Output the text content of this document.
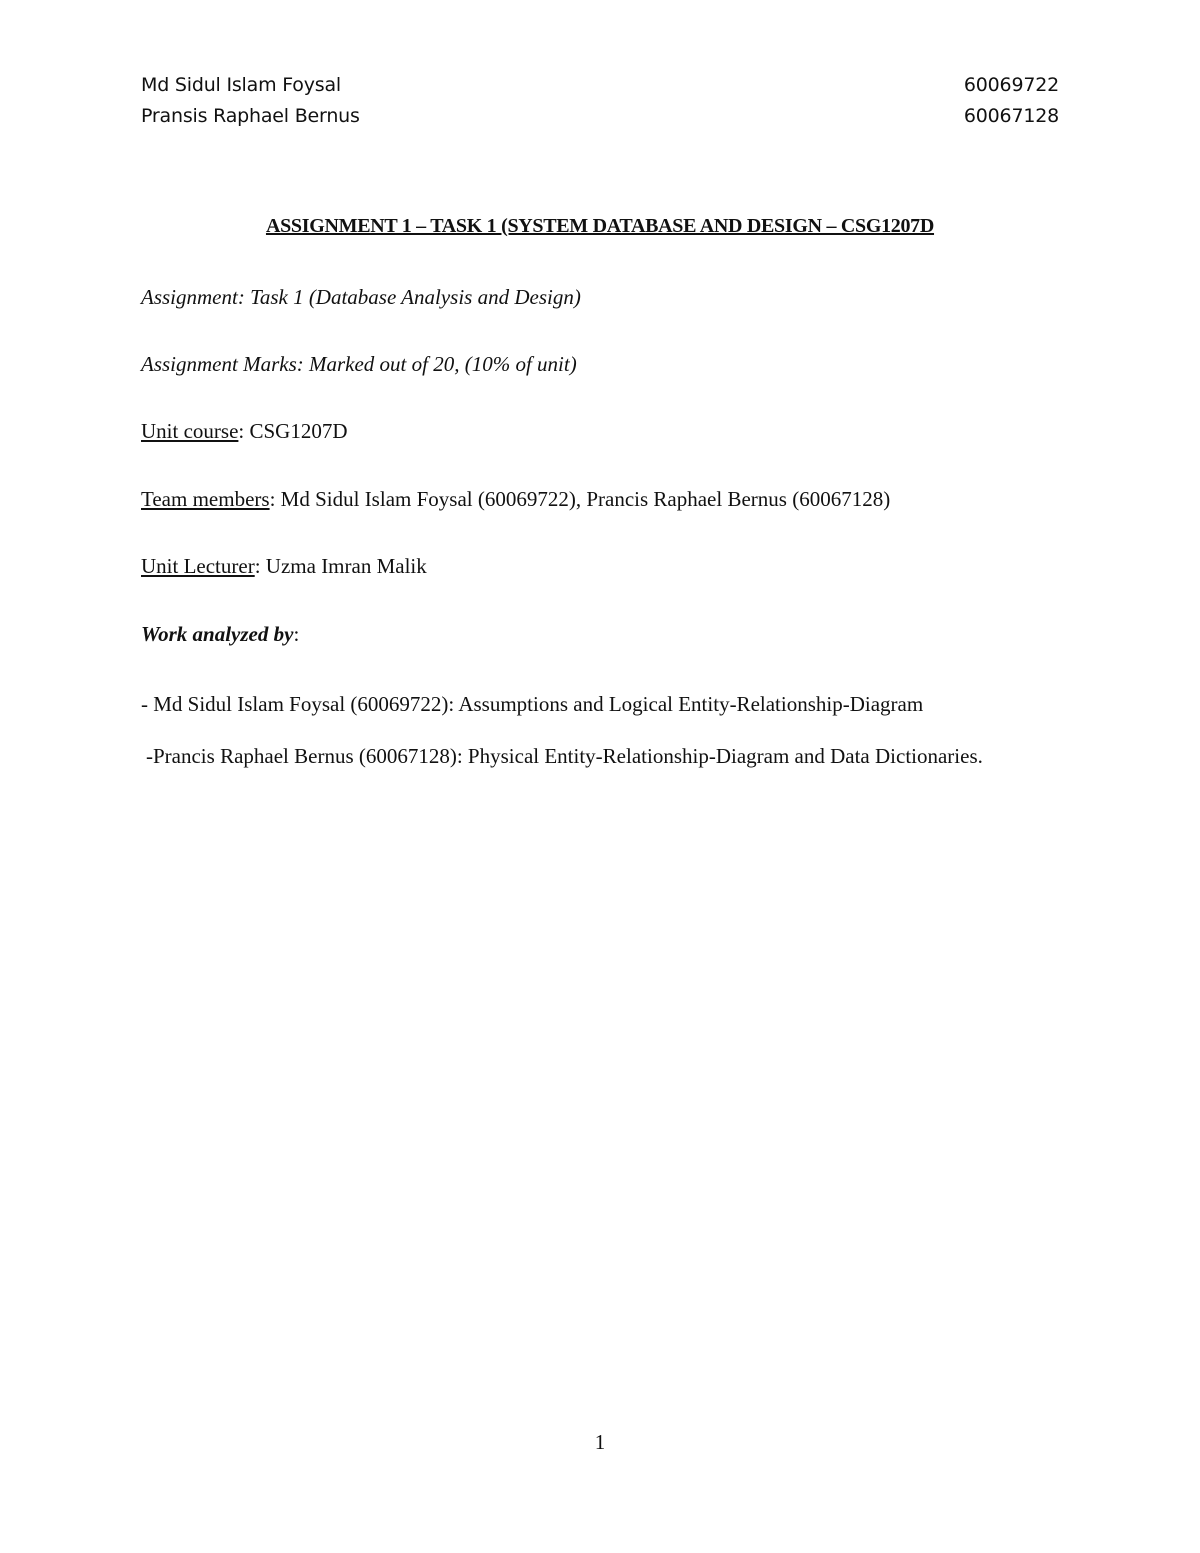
Md Sidul Islam Foysal	60069722
Pransis Raphael Bernus	60067128
ASSIGNMENT 1 – TASK 1 (SYSTEM DATABASE AND DESIGN – CSG1207D
Assignment: Task 1 (Database Analysis and Design)
Assignment Marks: Marked out of 20, (10% of unit)
Unit course: CSG1207D
Team members: Md Sidul Islam Foysal (60069722), Prancis Raphael Bernus (60067128)
Unit Lecturer: Uzma Imran Malik
Work analyzed by:
- Md Sidul Islam Foysal (60069722): Assumptions and Logical Entity-Relationship-Diagram
-Prancis Raphael Bernus (60067128): Physical Entity-Relationship-Diagram and Data Dictionaries.
1
